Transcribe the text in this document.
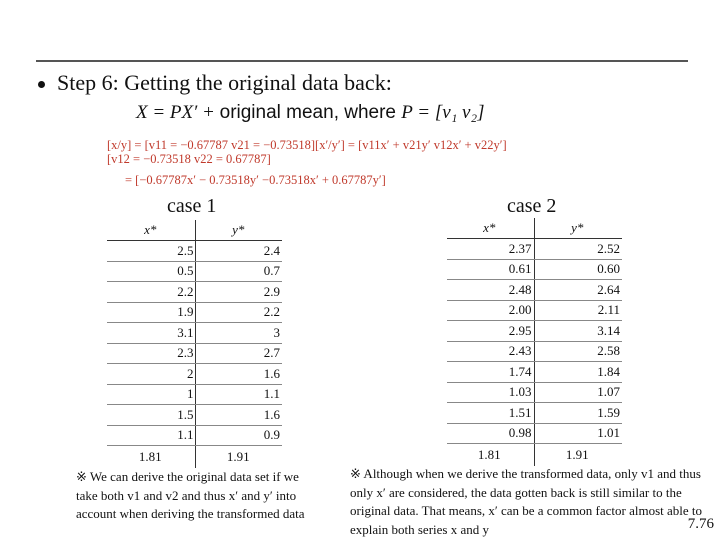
Step 6: Getting the original data back:
X = PX′ + original mean, where P = [v₁ v₂]
[x/y] = [v11 = −0.67787 v21 = −0.73518][x′/y′] = [v11x′ + v21y′ v12x′ + v22y′]
[v12 = −0.73518 v22 = 0.67787]
= [−0.67787x′ − 0.73518y′ −0.73518x′ + 0.67787y′]
case 1	case 2
x*	y*
2.5	2.4
0.5	0.7
2.2	2.9
1.9	2.2
3.1	3
2.3	2.7
2	1.6
1	1.1
1.5	1.6
1.1	0.9
1.81	1.91
x*	y*
2.37	2.52
0.61	0.60
2.48	2.64
2.00	2.11
2.95	3.14
2.43	2.58
1.74	1.84
1.03	1.07
1.51	1.59
0.98	1.01
1.81	1.91
※ We can derive the original data set if we take both v1 and v2 and thus x′ and y′ into account when deriving the transformed data
※ Although when we derive the transformed data, only v1 and thus only x′ are considered, the data gotten back is still similar to the original data. That means, x′ can be a common factor almost able to explain both series x and y	7.76
